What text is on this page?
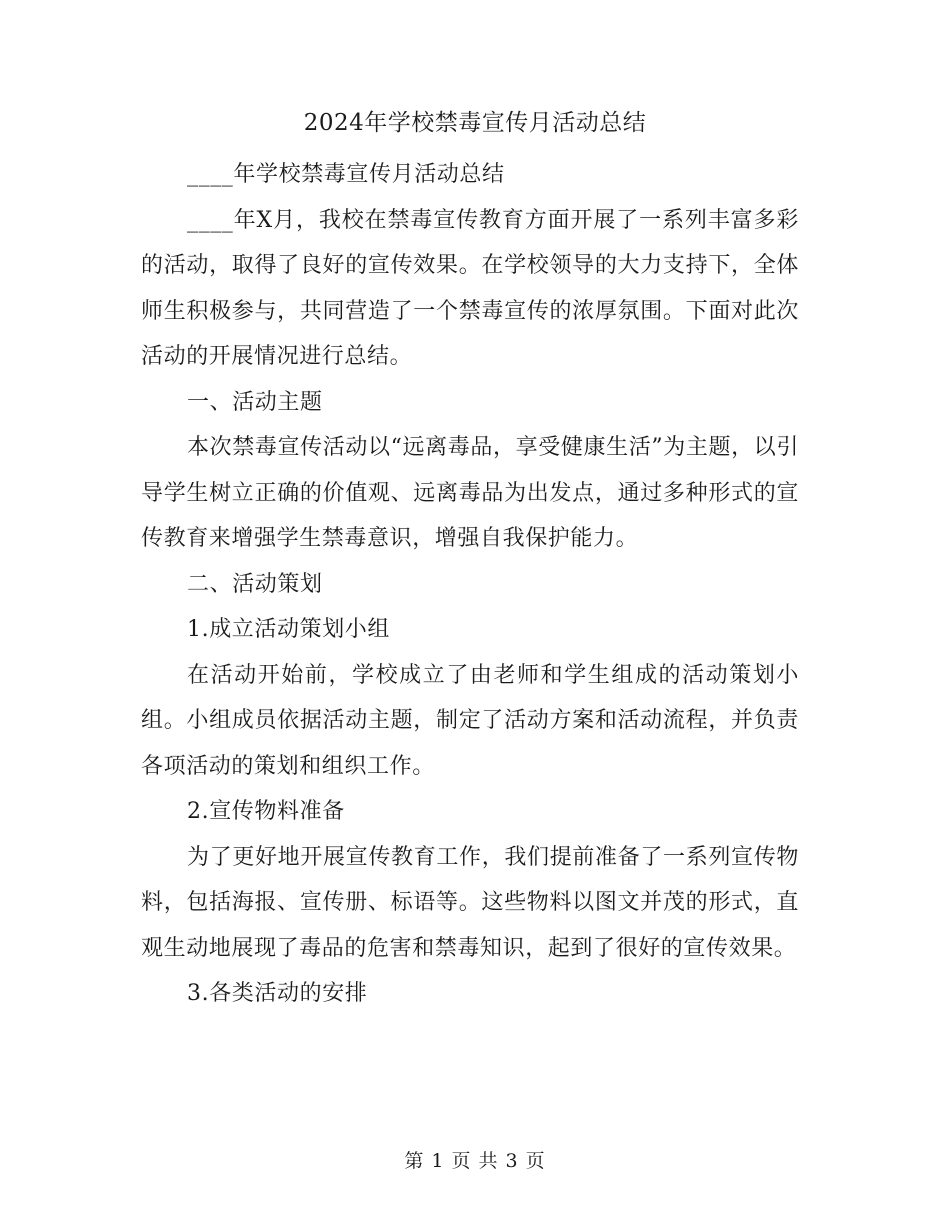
2024年学校禁毒宣传月活动总结

____年学校禁毒宣传月活动总结

____年X月，我校在禁毒宣传教育方面开展了一系列丰富多彩的活动，取得了良好的宣传效果。在学校领导的大力支持下，全体师生积极参与，共同营造了一个禁毒宣传的浓厚氛围。下面对此次活动的开展情况进行总结。

一、活动主题

本次禁毒宣传活动以“远离毒品，享受健康生活”为主题，以引导学生树立正确的价值观、远离毒品为出发点，通过多种形式的宣传教育来增强学生禁毒意识，增强自我保护能力。

二、活动策划

1.成立活动策划小组

在活动开始前，学校成立了由老师和学生组成的活动策划小组。小组成员依据活动主题，制定了活动方案和活动流程，并负责各项活动的策划和组织工作。

2.宣传物料准备

为了更好地开展宣传教育工作，我们提前准备了一系列宣传物料，包括海报、宣传册、标语等。这些物料以图文并茂的形式，直观生动地展现了毒品的危害和禁毒知识，起到了很好的宣传效果。

3.各类活动的安排

第 1 页 共 3 页
